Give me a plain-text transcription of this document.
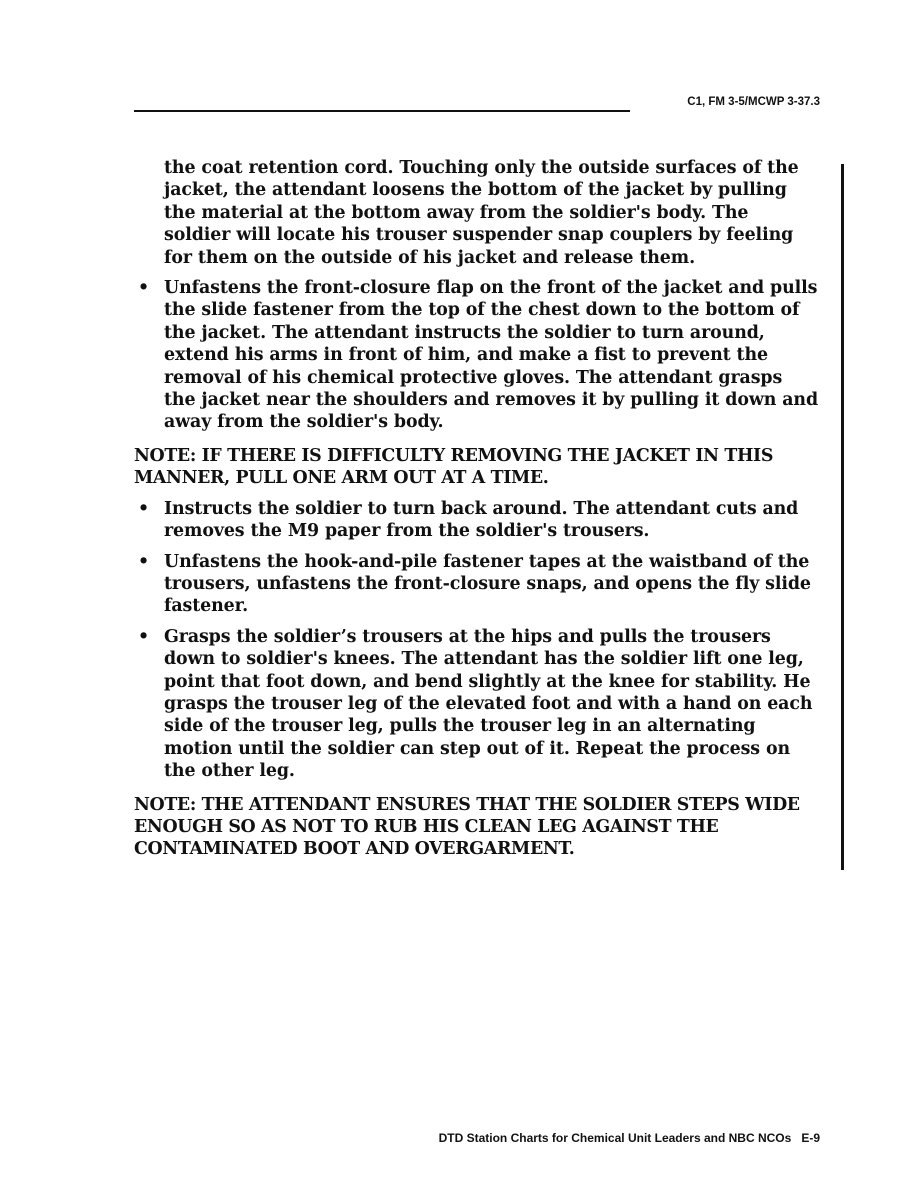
C1, FM 3-5/MCWP 3-37.3

the coat retention cord. Touching only the outside surfaces of the jacket, the attendant loosens the bottom of the jacket by pulling the material at the bottom away from the soldier's body. The soldier will locate his trouser suspender snap couplers by feeling for them on the outside of his jacket and release them.

• Unfastens the front-closure flap on the front of the jacket and pulls the slide fastener from the top of the chest down to the bottom of the jacket. The attendant instructs the soldier to turn around, extend his arms in front of him, and make a fist to prevent the removal of his chemical protective gloves. The attendant grasps the jacket near the shoulders and removes it by pulling it down and away from the soldier's body.
NOTE: IF THERE IS DIFFICULTY REMOVING THE JACKET IN THIS MANNER, PULL ONE ARM OUT AT A TIME.
• Instructs the soldier to turn back around. The attendant cuts and removes the M9 paper from the soldier's trousers.
• Unfastens the hook-and-pile fastener tapes at the waistband of the trousers, unfastens the front-closure snaps, and opens the fly slide fastener.
• Grasps the soldier’s trousers at the hips and pulls the trousers down to soldier's knees. The attendant has the soldier lift one leg, point that foot down, and bend slightly at the knee for stability. He grasps the trouser leg of the elevated foot and with a hand on each side of the trouser leg, pulls the trouser leg in an alternating motion until the soldier can step out of it. Repeat the process on the other leg.
NOTE: THE ATTENDANT ENSURES THAT THE SOLDIER STEPS WIDE ENOUGH SO AS NOT TO RUB HIS CLEAN LEG AGAINST THE CONTAMINATED BOOT AND OVERGARMENT.
DTD Station Charts for Chemical Unit Leaders and NBC NCOs   E-9
